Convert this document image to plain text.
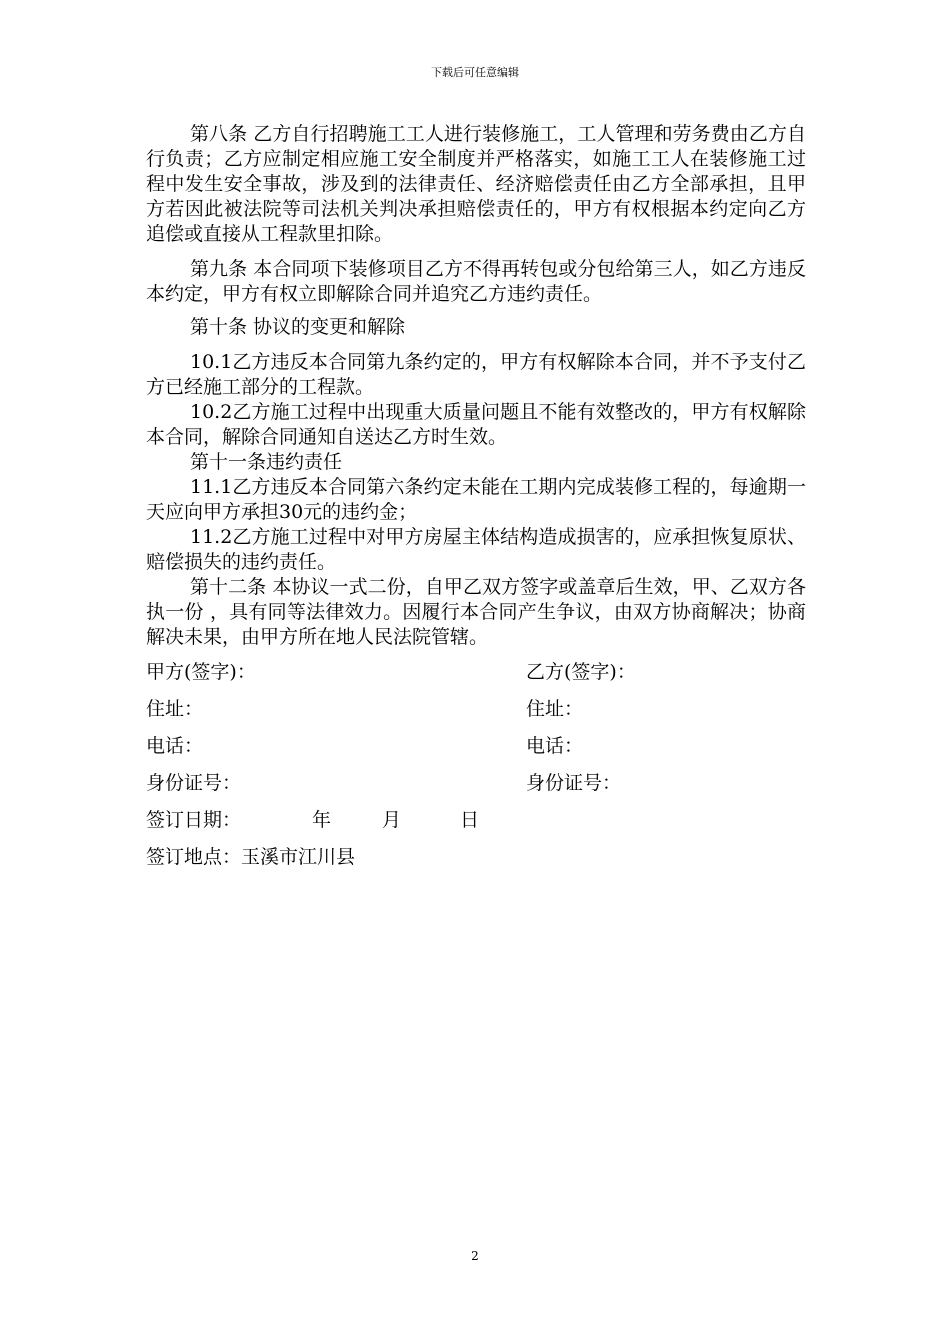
下载后可任意编辑

第八条 乙方自行招聘施工工人进行装修施工，工人管理和劳务费由乙方自行负责；乙方应制定相应施工安全制度并严格落实，如施工工人在装修施工过程中发生安全事故，涉及到的法律责任、经济赔偿责任由乙方全部承担，且甲方若因此被法院等司法机关判决承担赔偿责任的，甲方有权根据本约定向乙方追偿或直接从工程款里扣除。

第九条 本合同项下装修项目乙方不得再转包或分包给第三人，如乙方违反本约定，甲方有权立即解除合同并追究乙方违约责任。

第十条 协议的变更和解除

10.1乙方违反本合同第九条约定的，甲方有权解除本合同，并不予支付乙方已经施工部分的工程款。

10.2乙方施工过程中出现重大质量问题且不能有效整改的，甲方有权解除本合同，解除合同通知自送达乙方时生效。

第十一条违约责任

11.1乙方违反本合同第六条约定未能在工期内完成装修工程的，每逾期一天应向甲方承担30元的违约金；

11.2乙方施工过程中对甲方房屋主体结构造成损害的，应承担恢复原状、赔偿损失的违约责任。

第十二条 本协议一式二份，自甲乙双方签字或盖章后生效，甲、乙双方各执一份 ，具有同等法律效力。因履行本合同产生争议，由双方协商解决；协商解决未果，由甲方所在地人民法院管辖。

甲方(签字)：	乙方(签字)：
住址：	住址：
电话：	电话：
身份证号：	身份证号：
签订日期：	年	月	日
签订地点：玉溪市江川县
2
